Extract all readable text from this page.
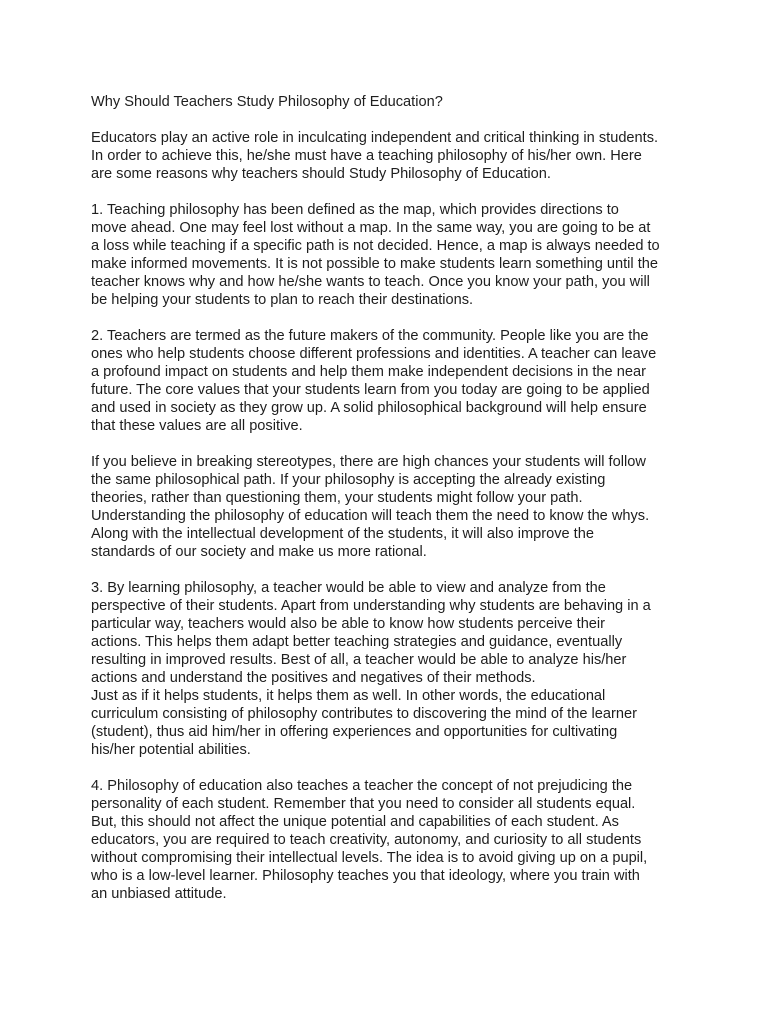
Why Should Teachers Study Philosophy of Education?

Educators play an active role in inculcating independent and critical thinking in students.
In order to achieve this, he/she must have a teaching philosophy of his/her own. Here
are some reasons why teachers should Study Philosophy of Education.
1. Teaching philosophy has been defined as the map, which provides directions to
move ahead. One may feel lost without a map. In the same way, you are going to be at
a loss while teaching if a specific path is not decided. Hence, a map is always needed to
make informed movements. It is not possible to make students learn something until the
teacher knows why and how he/she wants to teach. Once you know your path, you will
be helping your students to plan to reach their destinations.
2. Teachers are termed as the future makers of the community. People like you are the
ones who help students choose different professions and identities. A teacher can leave
a profound impact on students and help them make independent decisions in the near
future. The core values that your students learn from you today are going to be applied
and used in society as they grow up. A solid philosophical background will help ensure
that these values are all positive.
If you believe in breaking stereotypes, there are high chances your students will follow
the same philosophical path. If your philosophy is accepting the already existing
theories, rather than questioning them, your students might follow your path.
Understanding the philosophy of education will teach them the need to know the whys.
Along with the intellectual development of the students, it will also improve the
standards of our society and make us more rational.
3. By learning philosophy, a teacher would be able to view and analyze from the
perspective of their students. Apart from understanding why students are behaving in a
particular way, teachers would also be able to know how students perceive their
actions. This helps them adapt better teaching strategies and guidance, eventually
resulting in improved results. Best of all, a teacher would be able to analyze his/her
actions and understand the positives and negatives of their methods.
Just as if it helps students, it helps them as well. In other words, the educational
curriculum consisting of philosophy contributes to discovering the mind of the learner
(student), thus aid him/her in offering experiences and opportunities for cultivating
his/her potential abilities.
4. Philosophy of education also teaches a teacher the concept of not prejudicing the
personality of each student. Remember that you need to consider all students equal.
But, this should not affect the unique potential and capabilities of each student. As
educators, you are required to teach creativity, autonomy, and curiosity to all students
without compromising their intellectual levels. The idea is to avoid giving up on a pupil,
who is a low-level learner. Philosophy teaches you that ideology, where you train with
an unbiased attitude.
